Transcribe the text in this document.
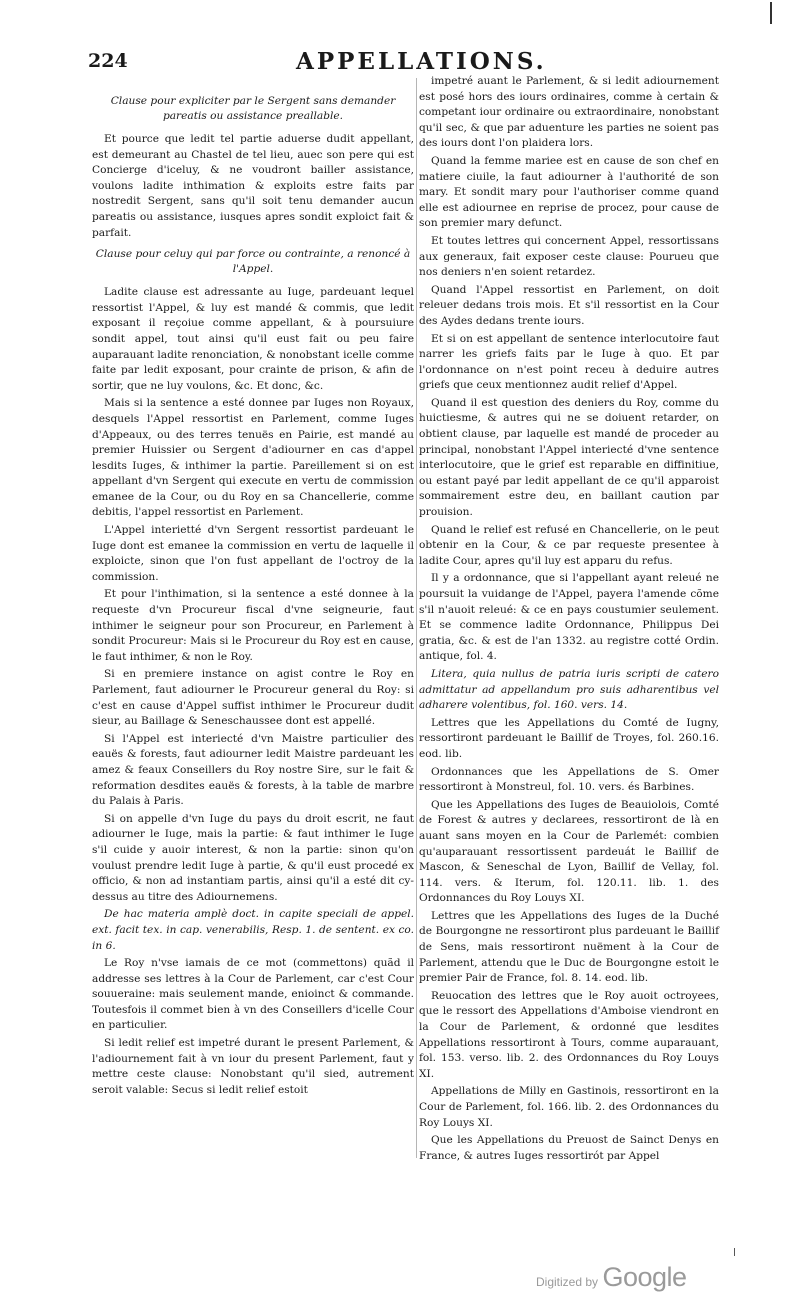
224	APPELLATIONS.
Clause pour expliciter par le Sergent sans demander pareatis ou assistance preallable.

Et pource que ledit tel partie aduerse dudit appellant, est demeurant au Chastel de tel lieu, auec son pere qui est Concierge d'iceluy, & ne voudront bailler assistance, voulons ladite inthimation & exploits estre faits par nostredit Sergent, sans qu'il soit tenu demander aucun pareatis ou assistance, iusques apres sondit exploict fait & parfait.

Clause pour celuy qui par force ou contrainte, a renoncé à l'Appel.

Ladite clause est adressante au Iuge, pardeuant lequel ressortist l'Appel, & luy est mandé & commis, que ledit exposant il reçoiue comme appellant, & à poursuiure sondit appel, tout ainsi qu'il eust fait ou peu faire auparauant ladite renonciation, & nonobstant icelle comme faite par ledit exposant, pour crainte de prison, & afin de sortir, que ne luy voulons, &c. Et donc, &c.

Mais si la sentence a esté donnee par Iuges non Royaux, desquels l'Appel ressortist en Parlement, comme Iuges d'Appeaux, ou des terres tenuës en Pairie, est mandé au premier Huissier ou Sergent d'adiourner en cas d'appel lesdits Iuges, & inthimer la partie. Pareillement si on est appellant d'vn Sergent qui execute en vertu de commission emanee de la Cour, ou du Roy en sa Chancellerie, comme debitis, l'appel ressortist en Parlement.

L'Appel interietté d'vn Sergent ressortist pardeuant le Iuge dont est emanee la commission en vertu de laquelle il exploicte, sinon que l'on fust appellant de l'octroy de la commission.

Et pour l'inthimation, si la sentence a esté donnee à la requeste d'vn Procureur fiscal d'vne seigneurie, faut inthimer le seigneur pour son Procureur, en Parlement à sondit Procureur: Mais si le Procureur du Roy est en cause, le faut inthimer, & non le Roy.

Si en premiere instance on agist contre le Roy en Parlement, faut adiourner le Procureur general du Roy: si c'est en cause d'Appel suffist inthimer le Procureur dudit sieur, au Baillage & Seneschaussee dont est appellé.

Si l'Appel est interiecté d'vn Maistre particulier des eauës & forests, faut adiourner ledit Maistre pardeuant les amez & feaux Conseillers du Roy nostre Sire, sur le fait & reformation desdites eauës & forests, à la table de marbre du Palais à Paris.

Si on appelle d'vn Iuge du pays du droit escrit, ne faut adiourner le Iuge, mais la partie: & faut inthimer le Iuge s'il cuide y auoir interest, & non la partie: sinon qu'on voulust prendre ledit Iuge à partie, & qu'il eust procedé ex officio, & non ad instantiam partis, ainsi qu'il a esté dit cy-dessus au titre des Adiournemens.

De hac materia amplè doct. in capite speciali de appel. ext. facit tex. in cap. venerabilis, Resp. 1. de sentent. ex co. in 6.

Le Roy n'vse iamais de ce mot (commettons) quãd il addresse ses lettres à la Cour de Parlement, car c'est Cour souueraine: mais seulement mande, enioinct & commande. Toutesfois il commet bien à vn des Conseillers d'icelle Cour en particulier.

Si ledit relief est impetré durant le present Parlement, & l'adiournement fait à vn iour du present Parlement, faut y mettre ceste clause: Nonobstant qu'il sied, autrement seroit valable: Secus si ledit relief estoit

impetré auant le Parlement, & si ledit adiournement est posé hors des iours ordinaires, comme à certain & competant iour ordinaire ou extraordinaire, nonobstant qu'il sec, & que par aduenture les parties ne soient pas des iours dont l'on plaidera lors.

Quand la femme mariee est en cause de son chef en matiere ciuile, la faut adiourner à l'authorité de son mary. Et sondit mary pour l'authoriser comme quand elle est adiournee en reprise de procez, pour cause de son premier mary defunct.

Et toutes lettres qui concernent Appel, ressortissans aux generaux, fait exposer ceste clause: Pourueu que nos deniers n'en soient retardez.

Quand l'Appel ressortist en Parlement, on doit releuer dedans trois mois. Et s'il ressortist en la Cour des Aydes dedans trente iours.

Et si on est appellant de sentence interlocutoire faut narrer les griefs faits par le Iuge à quo. Et par l'ordonnance on n'est point receu à deduire autres griefs que ceux mentionnez audit relief d'Appel.

Quand il est question des deniers du Roy, comme du huictiesme, & autres qui ne se doiuent retarder, on obtient clause, par laquelle est mandé de proceder au principal, nonobstant l'Appel interiecté d'vne sentence interlocutoire, que le grief est reparable en diffinitiue, ou estant payé par ledit appellant de ce qu'il apparoist sommairement estre deu, en baillant caution par prouision.

Quand le relief est refusé en Chancellerie, on le peut obtenir en la Cour, & ce par requeste presentee à ladite Cour, apres qu'il luy est apparu du refus.

Il y a ordonnance, que si l'appellant ayant releué ne poursuit la vuidange de l'Appel, payera l'amende cõme s'il n'auoit releué: & ce en pays coustumier seulement. Et se commence ladite Ordonnance, Philippus Dei gratia, &c. & est de l'an 1332. au registre cotté Ordin. antique, fol. 4.

Litera, quia nullus de patria iuris scripti de catero admittatur ad appellandum pro suis adharentibus vel adharere volentibus, fol. 160. vers. 14.

Lettres que les Appellations du Comté de Iugny, ressortiront pardeuant le Baillif de Troyes, fol. 260.16. eod. lib.

Ordonnances que les Appellations de S. Omer ressortiront à Monstreul, fol. 10. vers. és Barbines.

Que les Appellations des Iuges de Beauiolois, Comté de Forest & autres y declarees, ressortiront de là en auant sans moyen en la Cour de Parlemét: combien qu'auparauant ressortissent pardeuát le Baillif de Mascon, & Seneschal de Lyon, Baillif de Vellay, fol. 114. vers. & Iterum, fol. 120.11. lib. 1. des Ordonnances du Roy Louys XI.

Lettres que les Appellations des Iuges de la Duché de Bourgongne ne ressortiront plus pardeuant le Baillif de Sens, mais ressortiront nuëment à la Cour de Parlement, attendu que le Duc de Bourgongne estoit le premier Pair de France, fol. 8. 14. eod. lib.

Reuocation des lettres que le Roy auoit octroyees, que le ressort des Appellations d'Amboise viendront en la Cour de Parlement, & ordonné que lesdites Appellations ressortiront à Tours, comme auparauant, fol. 153. verso. lib. 2. des Ordonnances du Roy Louys XI.

Appellations de Milly en Gastinois, ressortiront en la Cour de Parlement, fol. 166. lib. 2. des Ordonnances du Roy Louys XI.

Que les Appellations du Preuost de Sainct Denys en France, & autres Iuges ressortirót par Appel

Digitized by Google
